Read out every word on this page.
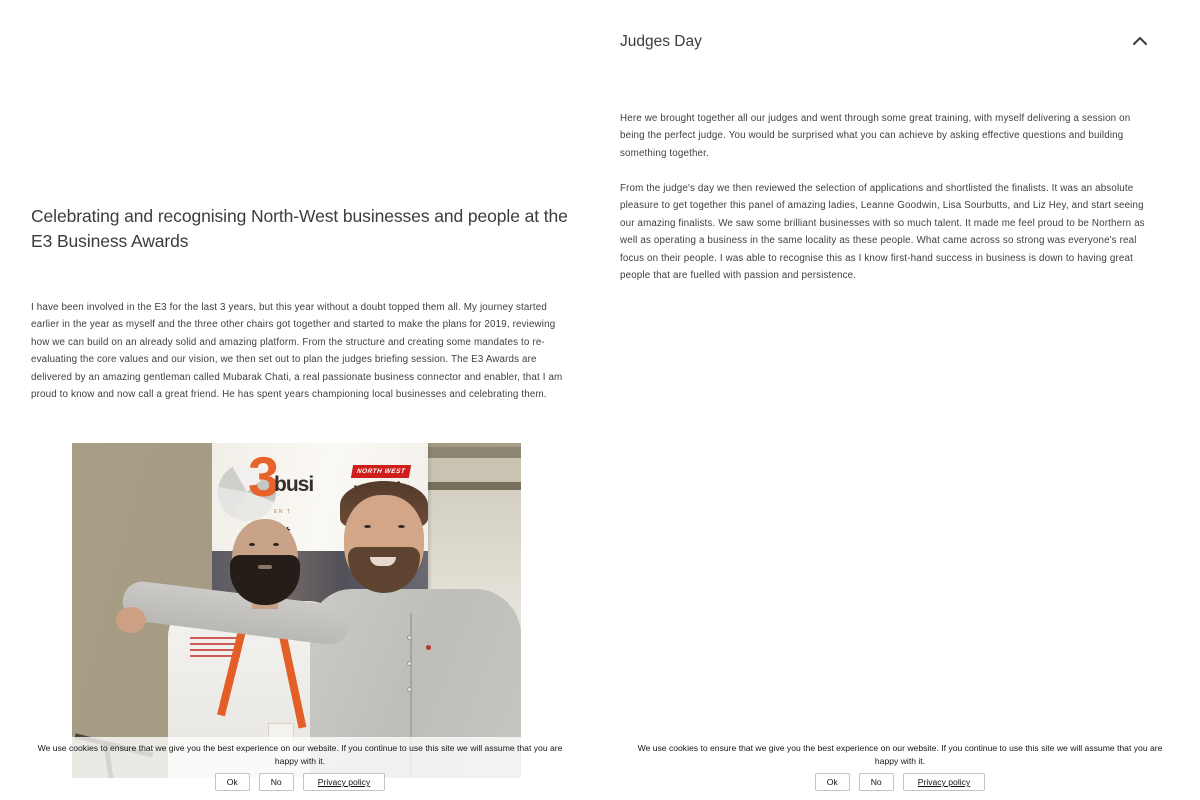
Celebrating and recognising North-West businesses and people at the E3 Business Awards

I have been involved in the E3 for the last 3 years, but this year without a doubt topped them all. My journey started earlier in the year as myself and the three other chairs got together and started to make the plans for 2019, reviewing how we can build on an already solid and amazing platform. From the structure and creating some mandates to re-evaluating the core values and our vision, we then set out to plan the judges briefing session. The E3 Awards are delivered by an amazing gentleman called Mubarak Chati, a real passionate business connector and enabler, that I am proud to know and now call a great friend. He has spent years championing local businesses and celebrating them.

3
busi
NORTH WEST
EN T
We use cookies to ensure that we give you the best experience on our website. If you continue to use this site we will assume that you are happy with it.
Ok	No	Privacy policy
Judges Day

Here we brought together all our judges and went through some great training, with myself delivering a session on being the perfect judge. You would be surprised what you can achieve by asking effective questions and building something together.

From the judge's day we then reviewed the selection of applications and shortlisted the finalists. It was an absolute pleasure to get together this panel of amazing ladies, Leanne Goodwin, Lisa Sourbutts, and Liz Hey, and start seeing our amazing finalists. We saw some brilliant businesses with so much talent. It made me feel proud to be Northern as well as operating a business in the same locality as these people. What came across so strong was everyone's real focus on their people. I was able to recognise this as I know first-hand success in business is down to having great people that are fuelled with passion and persistence.

We use cookies to ensure that we give you the best experience on our website. If you continue to use this site we will assume that you are happy with it.
Ok	No	Privacy policy
